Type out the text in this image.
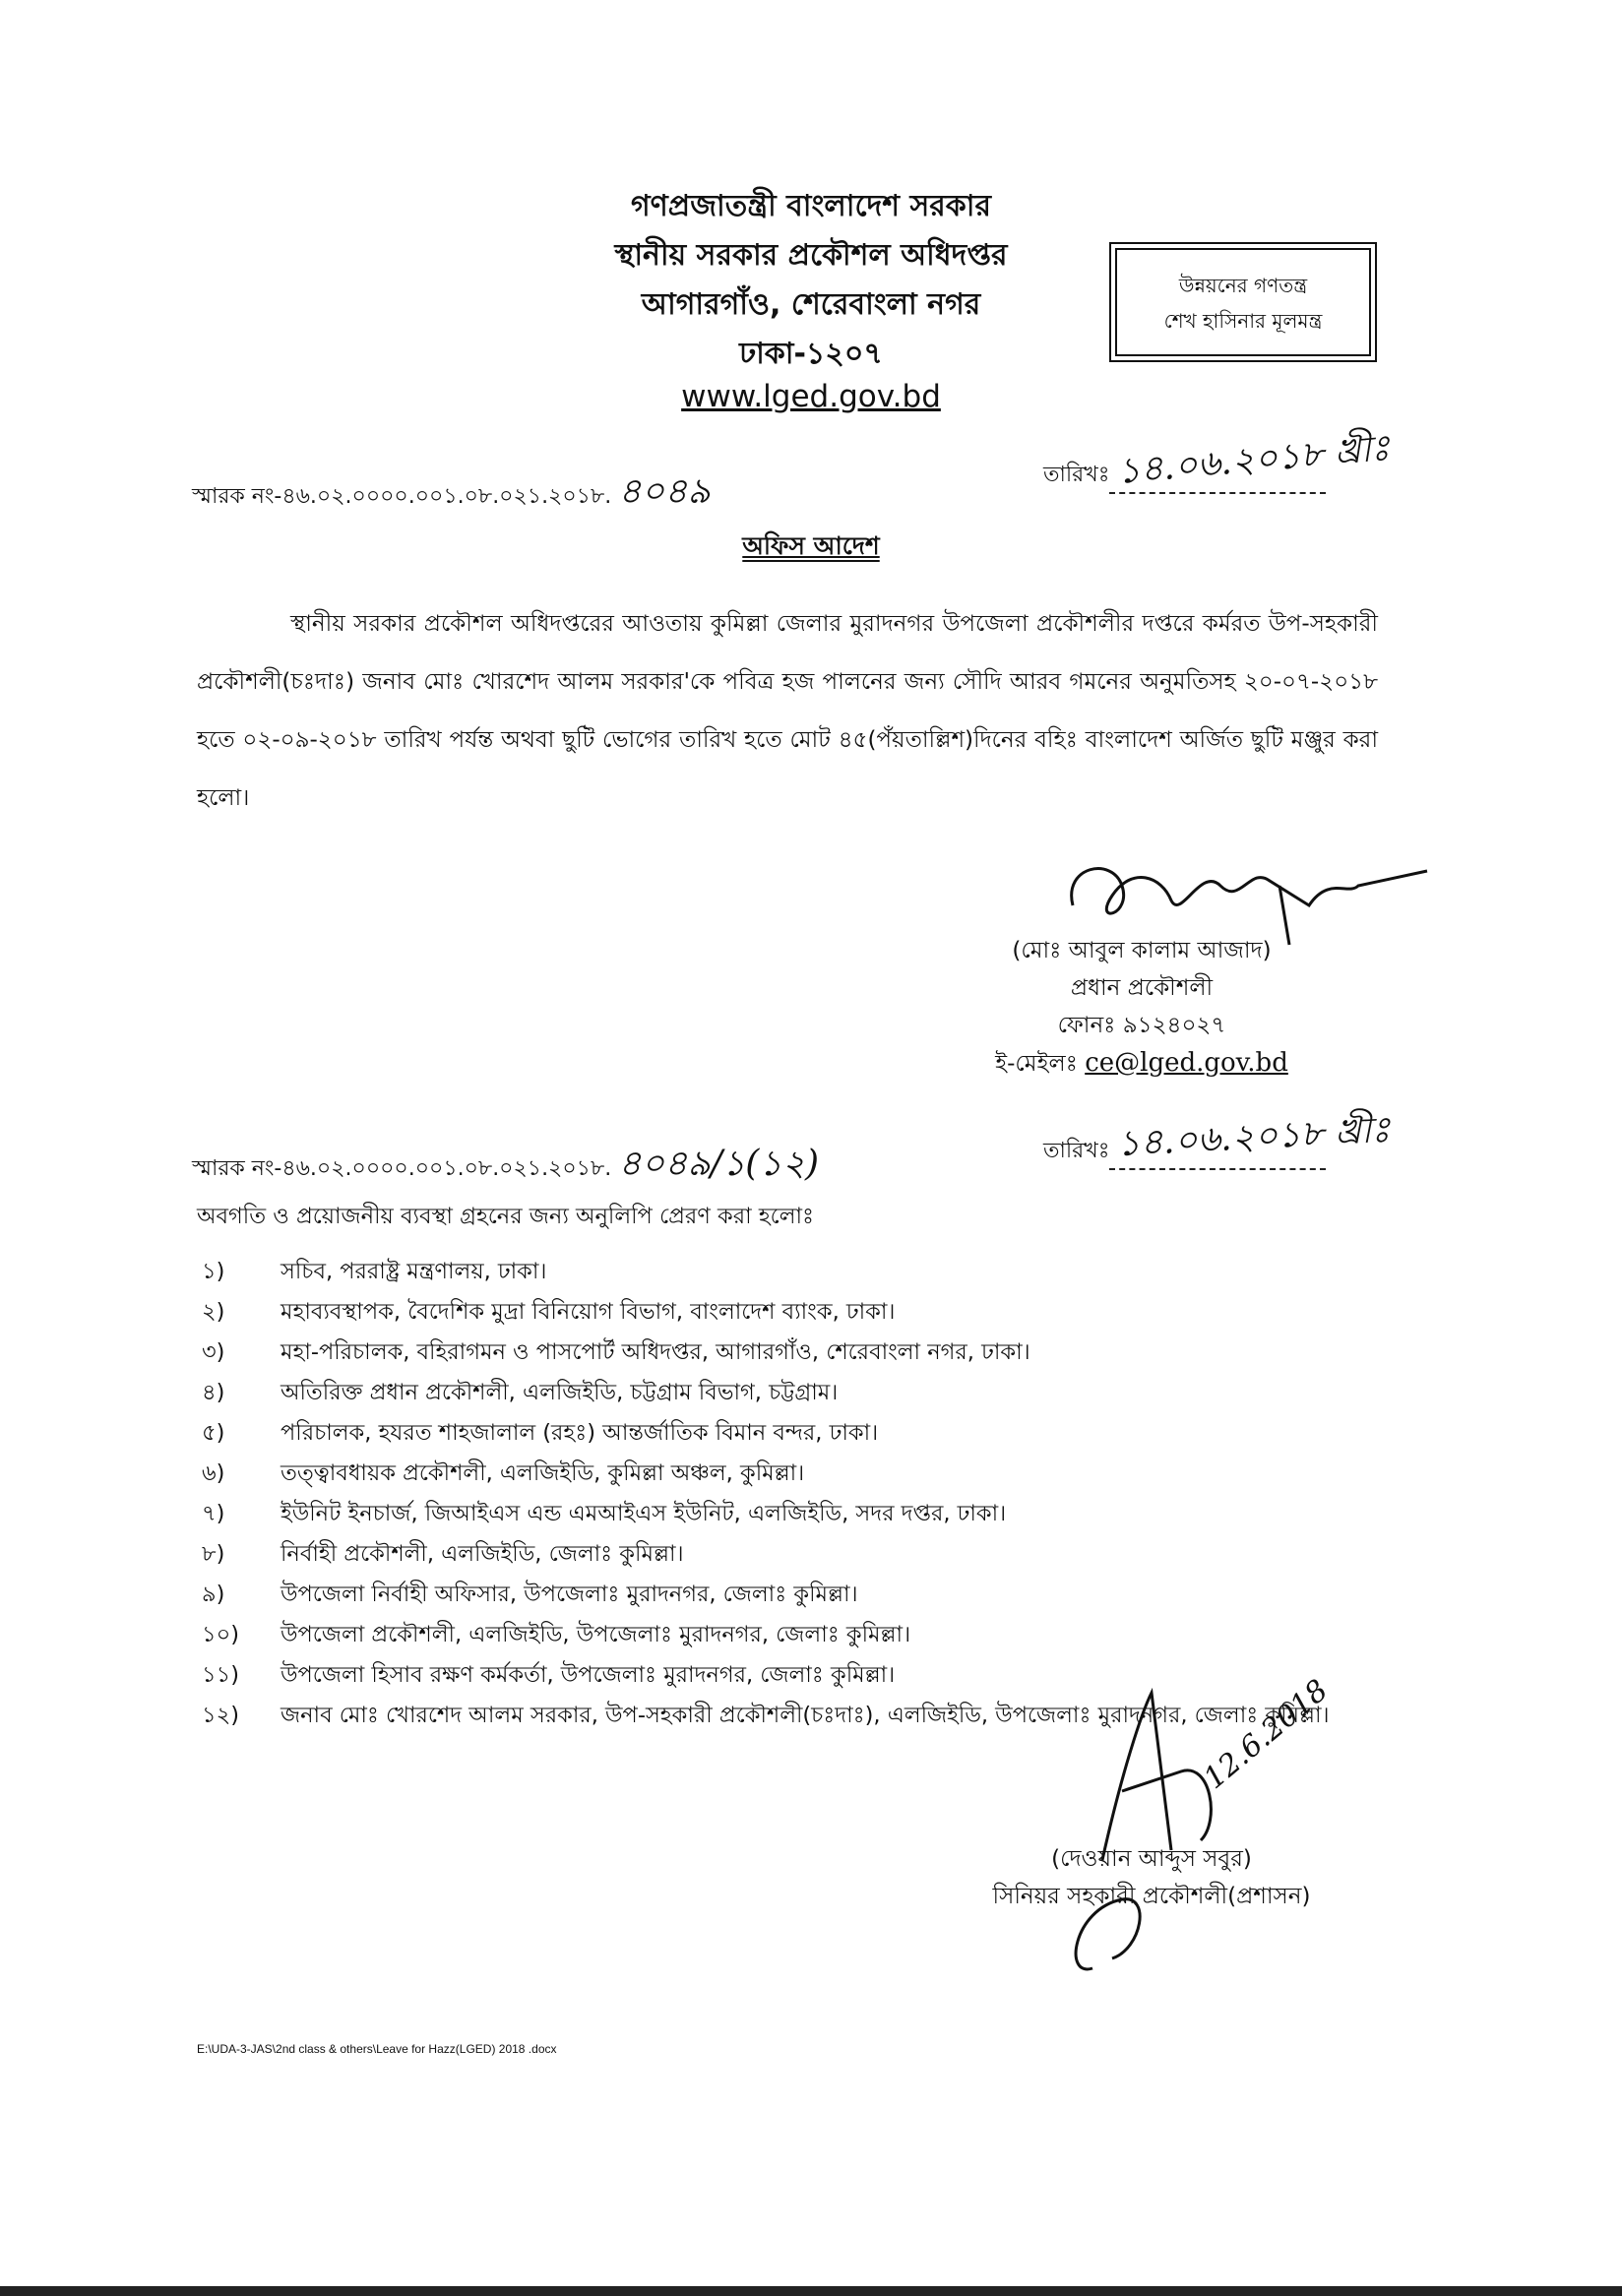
গণপ্রজাতন্ত্রী বাংলাদেশ সরকার
স্থানীয় সরকার প্রকৌশল অধিদপ্তর
আগারগাঁও, শেরেবাংলা নগর
ঢাকা-১২০৭
www.lged.gov.bd
উন্নয়নের গণতন্ত্র
শেখ হাসিনার মূলমন্ত্র
স্মারক নং-৪৬.০২.০০০০.০০১.০৮.০২১.২০১৮. ৪০৪৯	তারিখঃ ১৪.০৬.২০১৮ খ্রীঃ
অফিস আদেশ
স্থানীয় সরকার প্রকৌশল অধিদপ্তরের আওতায় কুমিল্লা জেলার মুরাদনগর উপজেলা প্রকৌশলীর দপ্তরে কর্মরত উপ-সহকারী প্রকৌশলী(চঃদাঃ) জনাব মোঃ খোরশেদ আলম সরকার'কে পবিত্র হজ পালনের জন্য সৌদি আরব গমনের অনুমতিসহ ২০-০৭-২০১৮ হতে ০২-০৯-২০১৮ তারিখ পর্যন্ত অথবা ছুটি ভোগের তারিখ হতে মোট ৪৫(পঁয়তাল্লিশ)দিনের বহিঃ বাংলাদেশ অর্জিত ছুটি মঞ্জুর করা হলো।
(মোঃ আবুল কালাম আজাদ)
প্রধান প্রকৌশলী
ফোনঃ ৯১২৪০২৭
ই-মেইলঃ ce@lged.gov.bd
স্মারক নং-৪৬.০২.০০০০.০০১.০৮.০২১.২০১৮. ৪০৪৯/১(১২)	তারিখঃ ১৪.০৬.২০১৮ খ্রীঃ
অবগতি ও প্রয়োজনীয় ব্যবস্থা গ্রহনের জন্য অনুলিপি প্রেরণ করা হলোঃ
১)	সচিব, পররাষ্ট্র মন্ত্রণালয়, ঢাকা।
২)	মহাব্যবস্থাপক, বৈদেশিক মুদ্রা বিনিয়োগ বিভাগ, বাংলাদেশ ব্যাংক, ঢাকা।
৩)	মহা-পরিচালক, বহিরাগমন ও পাসপোর্ট অধিদপ্তর, আগারগাঁও, শেরেবাংলা নগর, ঢাকা।
৪)	অতিরিক্ত প্রধান প্রকৌশলী, এলজিইডি, চট্টগ্রাম বিভাগ, চট্টগ্রাম।
৫)	পরিচালক, হযরত শাহজালাল (রহঃ) আন্তর্জাতিক বিমান বন্দর, ঢাকা।
৬)	তত্ত্বাবধায়ক প্রকৌশলী, এলজিইডি, কুমিল্লা অঞ্চল, কুমিল্লা।
৭)	ইউনিট ইনচার্জ, জিআইএস এন্ড এমআইএস ইউনিট, এলজিইডি, সদর দপ্তর, ঢাকা।
৮)	নির্বাহী প্রকৌশলী, এলজিইডি, জেলাঃ কুমিল্লা।
৯)	উপজেলা নির্বাহী অফিসার, উপজেলাঃ মুরাদনগর, জেলাঃ কুমিল্লা।
১০)	উপজেলা প্রকৌশলী, এলজিইডি, উপজেলাঃ মুরাদনগর, জেলাঃ কুমিল্লা।
১১)	উপজেলা হিসাব রক্ষণ কর্মকর্তা, উপজেলাঃ মুরাদনগর, জেলাঃ কুমিল্লা।
১২)	জনাব মোঃ খোরশেদ আলম সরকার, উপ-সহকারী প্রকৌশলী(চঃদাঃ), এলজিইডি, উপজেলাঃ মুরাদনগর, জেলাঃ কুমিল্লা।
12.6.2018
(দেওয়ান আব্দুস সবুর)
সিনিয়র সহকারী প্রকৌশলী(প্রশাসন)
E:\UDA-3-JAS\2nd class & others\Leave for Hazz(LGED) 2018 .docx
